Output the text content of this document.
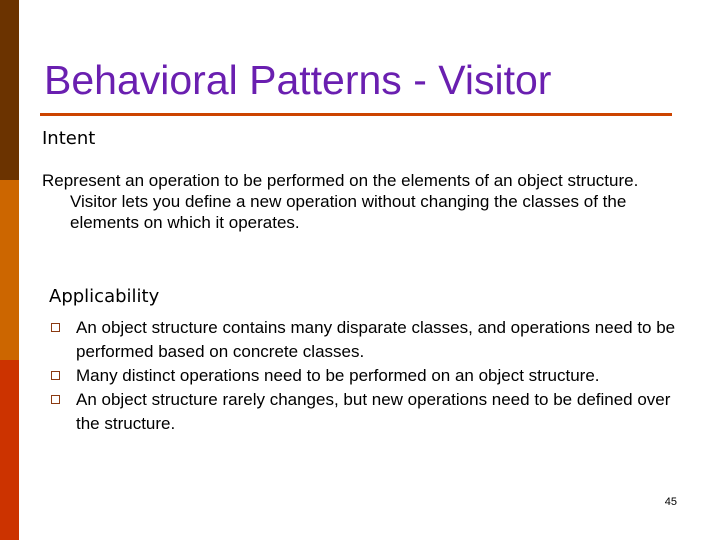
Behavioral Patterns - Visitor
Intent

Represent an operation to be performed on the elements of an object structure. Visitor lets you define a new operation without changing the classes of the elements on which it operates.

Applicability
An object structure contains many disparate classes, and operations need to be performed based on concrete classes.
Many distinct operations need to be performed on an object structure.
An object structure rarely changes, but new operations need to be defined over the structure.
45
